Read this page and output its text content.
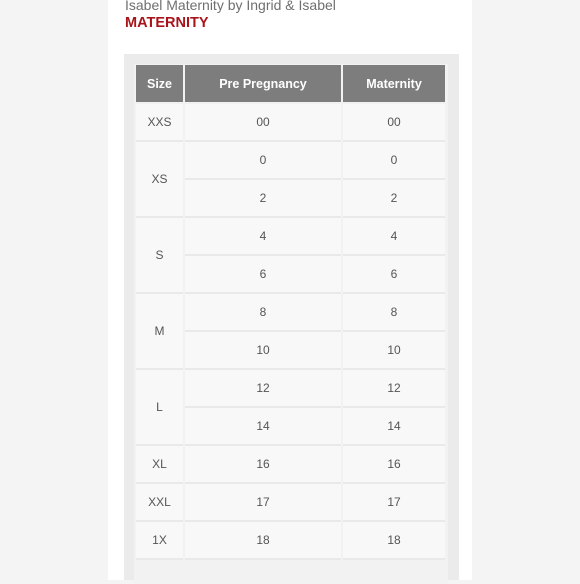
Isabel Maternity by Ingrid & Isabel
MATERNITY
Size	Pre Pregnancy	Maternity
XXS	00	00
XS	0	0
	2	2
S	4	4
	6	6
M	8	8
	10	10
L	12	12
	14	14
XL	16	16
XXL	17	17
1X	18	18
